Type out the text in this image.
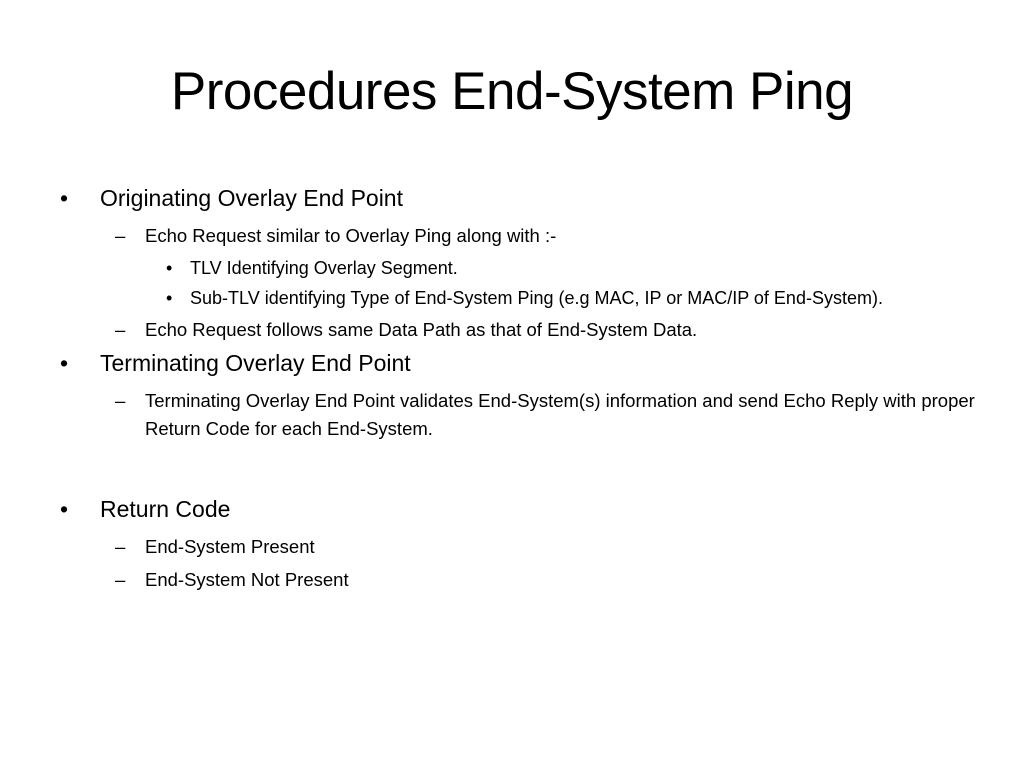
Procedures End-System Ping
• Originating Overlay End Point
– Echo Request similar to Overlay Ping along with :-
• TLV Identifying Overlay Segment.
• Sub-TLV identifying Type of End-System Ping (e.g MAC, IP or MAC/IP of End-System).
– Echo Request follows same Data Path as that of End-System Data.
• Terminating Overlay End Point
– Terminating Overlay End Point validates End-System(s) information and send Echo Reply with proper Return Code for each End-System.
• Return Code
– End-System Present
– End-System Not Present
